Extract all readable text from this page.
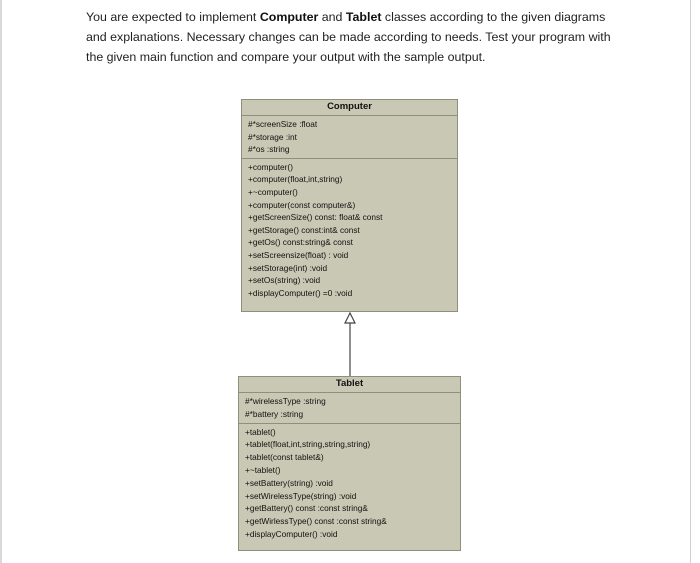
You are expected to implement Computer and Tablet classes according to the given diagrams and explanations. Necessary changes can be made according to needs. Test your program with the given main function and compare your output with the sample output.

Computer
#*screenSize :float
#*storage :int
#*os :string
+computer()
+computer(float,int,string)
+~computer()
+computer(const computer&)
+getScreenSize() const: float& const
+getStorage() const:int& const
+getOs() const:string& const
+setScreensize(float) : void
+setStorage(int) :void
+setOs(string) :void
+displayComputer() =0 :void
Tablet
#*wirelessType :string
#*battery :string
+tablet()
+tablet(float,int,string,string,string)
+tablet(const tablet&)
+~tablet()
+setBattery(string) :void
+setWirelessType(string) :void
+getBattery() const :const string&
+getWirlessType() const :const string&
+displayComputer() :void
